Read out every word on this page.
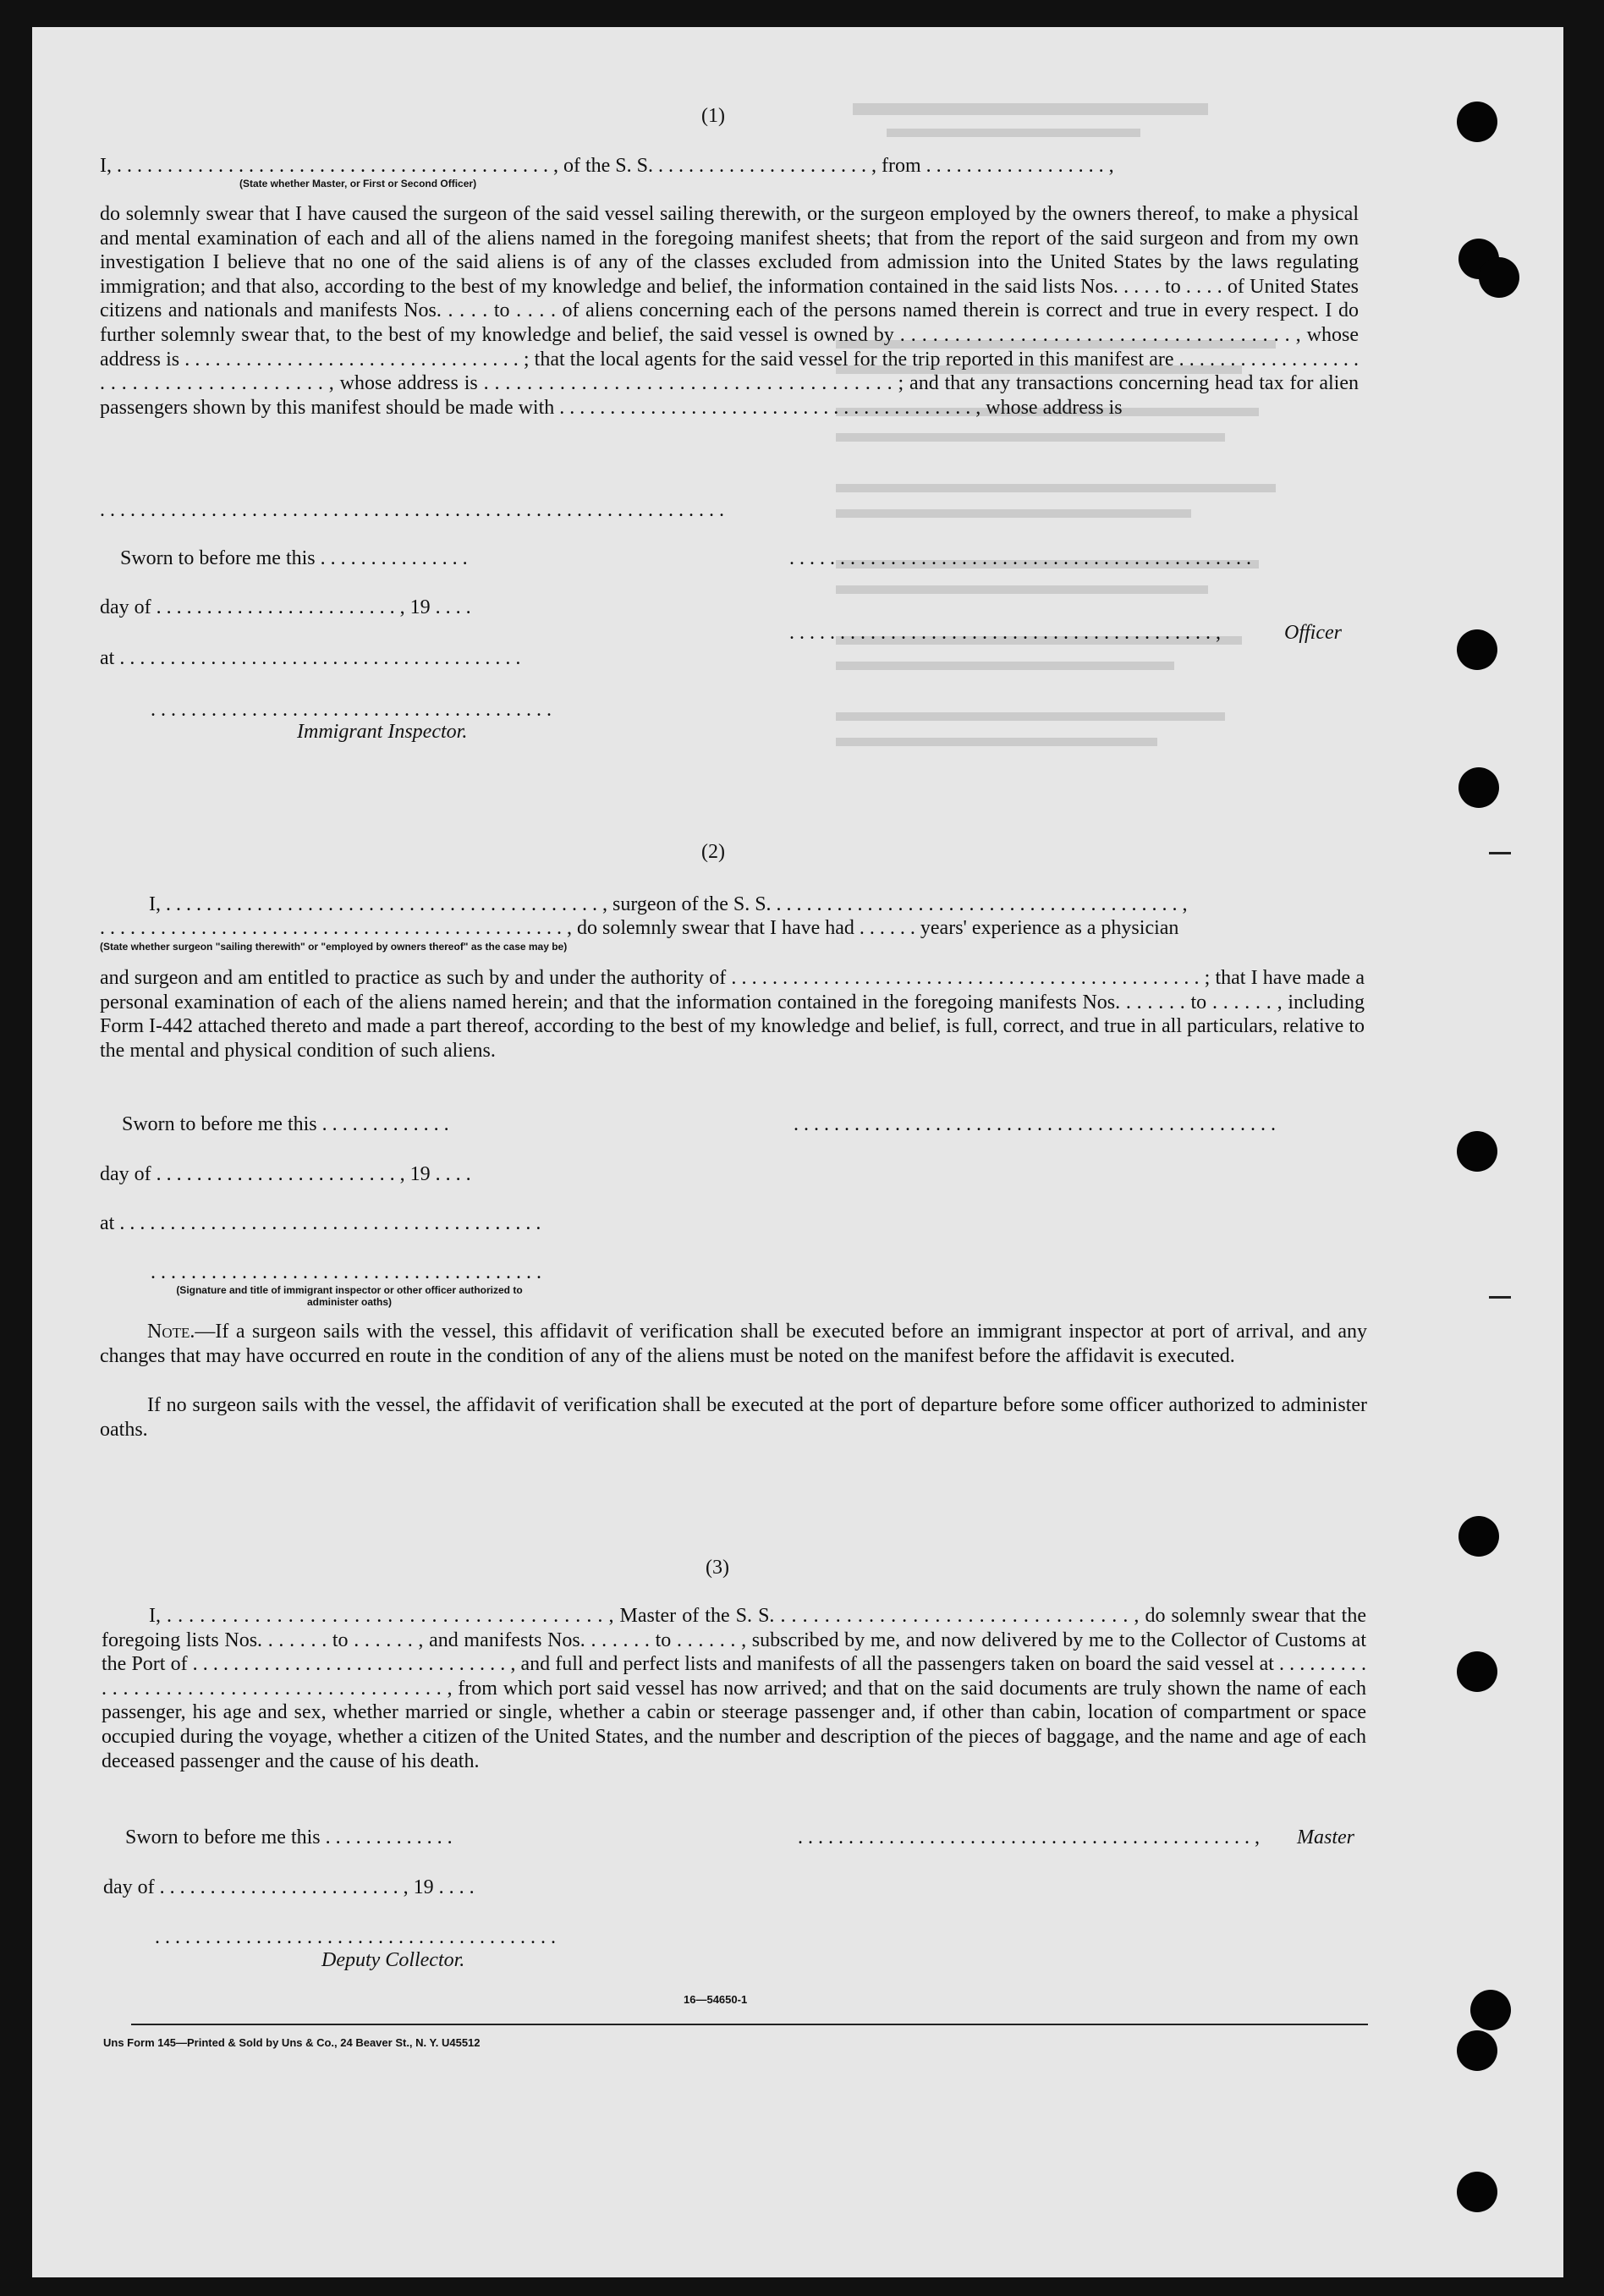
(1)
I, . . . . . . . . . . . . . . . . . . . . . . . . . . . . . . . . . . . . . . . . . . . , of the S. S. . . . . . . . . . . . . . . . . . . . . . , from . . . . . . . . . . . . . . . . . . ,
(State whether Master, or First or Second Officer)
do solemnly swear that I have caused the surgeon of the said vessel sailing therewith, or the surgeon employed by the owners thereof, to make a physical and mental examination of each and all of the aliens named in the foregoing manifest sheets; that from the report of the said surgeon and from my own investigation I believe that no one of the said aliens is of any of the classes excluded from admission into the United States by the laws regulating immigration; and that also, according to the best of my knowledge and belief, the information contained in the said lists Nos. . . . . to . . . . of United States citizens and nationals and manifests Nos. . . . . to . . . . of aliens concerning each of the persons named therein is correct and true in every respect. I do further solemnly swear that, to the best of my knowledge and belief, the said vessel is owned by . . . . . . . . . . . . . . . . . . . . . . . . . . . . . . . . . . . . , whose address is . . . . . . . . . . . . . . . . . . . . . . . . . . . . . . . . . ; that the local agents for the said vessel for the trip reported in this manifest are . . . . . . . . . . . . . . . . . . . . . . . . . . . . . . . . . . . . . . . , whose address is . . . . . . . . . . . . . . . . . . . . . . . . . . . . . . . . . . . . . . ; and that any transactions concerning head tax for alien passengers shown by this manifest should be made with . . . . . . . . . . . . . . . . . . . . . . . . . . . . . . . . . . . . . . . . . , whose address is
. . . . . . . . . . . . . . . . . . . . . . . . . . . . . . . . . . . . . . . . . . . . . . . . . . . . . . . . . . . . . .
Sworn to before me this . . . . . . . . . . . . . . .	. . . . . . . . . . . . . . . . . . . . . . . . . . . . . . . . . . . . . . . . . . . . . .
day of . . . . . . . . . . . . . . . . . . . . . . . . , 19 . . . .
. . . . . . . . . . . . . . . . . . . . . . . . . . . . . . . . . . . . . . . . . . ,	Officer
at . . . . . . . . . . . . . . . . . . . . . . . . . . . . . . . . . . . . . . . .
. . . . . . . . . . . . . . . . . . . . . . . . . . . . . . . . . . . . . . . .
Immigrant Inspector.
(2)
I, . . . . . . . . . . . . . . . . . . . . . . . . . . . . . . . . . . . . . . . . . . . , surgeon of the S. S. . . . . . . . . . . . . . . . . . . . . . . . . . . . . . . . . . . . . . . . . ,
. . . . . . . . . . . . . . . . . . . . . . . . . . . . . . . . . . . . . . . . . . . . . . , do solemnly swear that I have had . . . . . . years' experience as a physician
(State whether surgeon "sailing therewith" or "employed by owners thereof" as the case may be)
and surgeon and am entitled to practice as such by and under the authority of . . . . . . . . . . . . . . . . . . . . . . . . . . . . . . . . . . . . . . . . . . . . . . ; that I have made a personal examination of each of the aliens named herein; and that the information contained in the foregoing manifests Nos. . . . . . . to . . . . . . , including Form I-442 attached thereto and made a part thereof, according to the best of my knowledge and belief, is full, correct, and true in all particulars, relative to the mental and physical condition of such aliens.
Sworn to before me this . . . . . . . . . . . . .	. . . . . . . . . . . . . . . . . . . . . . . . . . . . . . . . . . . . . . . . . . . . . . . .
day of . . . . . . . . . . . . . . . . . . . . . . . . , 19 . . . .
at . . . . . . . . . . . . . . . . . . . . . . . . . . . . . . . . . . . . . . . . . .
. . . . . . . . . . . . . . . . . . . . . . . . . . . . . . . . . . . . . . .
(Signature and title of immigrant inspector or other officer authorized to administer oaths)
Note.—If a surgeon sails with the vessel, this affidavit of verification shall be executed before an immigrant inspector at port of arrival, and any changes that may have occurred en route in the condition of any of the aliens must be noted on the manifest before the affidavit is executed.
If no surgeon sails with the vessel, the affidavit of verification shall be executed at the port of departure before some officer authorized to administer oaths.
(3)
I, . . . . . . . . . . . . . . . . . . . . . . . . . . . . . . . . . . . . . . . . , Master of the S. S. . . . . . . . . . . . . . . . . . . . . . . . . . . . . . . . . , do solemnly swear that the foregoing lists Nos. . . . . . . to . . . . . . , and manifests Nos. . . . . . . to . . . . . . , subscribed by me, and now delivered by me to the Collector of Customs at the Port of . . . . . . . . . . . . . . . . . . . . . . . . . . . . . . . , and full and perfect lists and manifests of all the passengers taken on board the said vessel at . . . . . . . . . . . . . . . . . . . . . . . . . . . . . . . . . . . . . . . . . , from which port said vessel has now arrived; and that on the said documents are truly shown the name of each passenger, his age and sex, whether married or single, whether a cabin or steerage passenger and, if other than cabin, location of compartment or space occupied during the voyage, whether a citizen of the United States, and the number and description of the pieces of baggage, and the name and age of each deceased passenger and the cause of his death.
Sworn to before me this . . . . . . . . . . . . .	. . . . . . . . . . . . . . . . . . . . . . . . . . . . . . . . . . . . . . . . . . . . . ,	Master
day of . . . . . . . . . . . . . . . . . . . . . . . . , 19 . . . .
. . . . . . . . . . . . . . . . . . . . . . . . . . . . . . . . . . . . . . . .
Deputy Collector.
16—54650-1
Uns Form 145—Printed & Sold by Uns & Co., 24 Beaver St., N. Y. U45512
